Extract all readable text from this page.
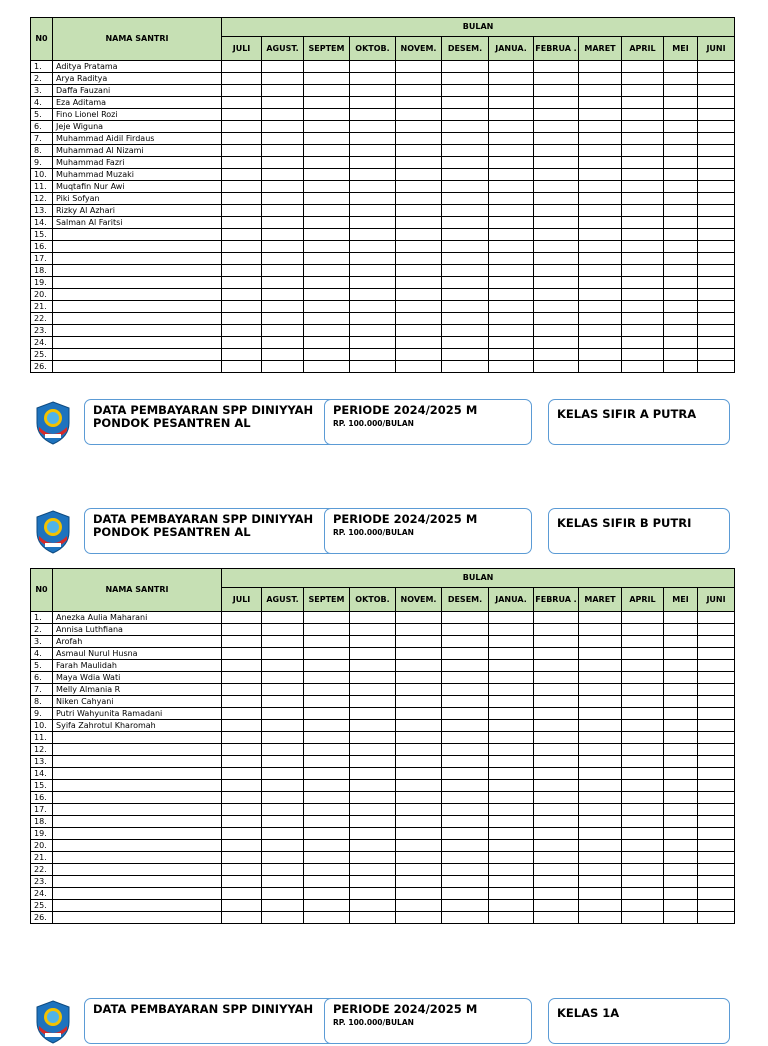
N0	NAMA SANTRI	BULAN											
		JULI	AGUST.	SEPTEM	OKTOB.	NOVEM.	DESEM.	JANUA.	FEBRUA .	MARET	APRIL	MEI	JUNI
1.	Aditya Pratama												
2.	Arya Raditya												
3.	Daffa Fauzani												
4.	Eza Aditama												
5.	Fino Lionel Rozi												
6.	Jeje Wiguna												
7.	Muhammad Aidil Firdaus												
8.	Muhammad Al Nizami												
9.	Muhammad Fazri												
10.	Muhammad Muzaki												
11.	Muqtafin Nur Awi												
12.	Piki Sofyan												
13.	Rizky Al Azhari												
14.	Salman Al Faritsi												
15.													
16.													
17.													
18.													
19.													
20.													
21.													
22.													
23.													
24.													
25.													
26.													
DATA PEMBAYARAN SPP DINIYYAH PONDOK PESANTREN AL
PERIODE 2024/2025 M
RP. 100.000/BULAN
KELAS SIFIR A PUTRA
DATA PEMBAYARAN SPP DINIYYAH PONDOK PESANTREN AL
PERIODE 2024/2025 M
RP. 100.000/BULAN
KELAS SIFIR B PUTRI
N0	NAMA SANTRI	BULAN											
		JULI	AGUST.	SEPTEM	OKTOB.	NOVEM.	DESEM.	JANUA.	FEBRUA .	MARET	APRIL	MEI	JUNI
1.	Anezka Aulia Maharani												
2.	Annisa Luthfiana												
3.	Arofah												
4.	Asmaul Nurul Husna												
5.	Farah Maulidah												
6.	Maya Wdia Wati												
7.	Melly Almania R												
8.	Niken Cahyani												
9.	Putri Wahyunita Ramadani												
10.	Syifa Zahrotul Kharomah												
11.													
12.													
13.													
14.													
15.													
16.													
17.													
18.													
19.													
20.													
21.													
22.													
23.													
24.													
25.													
26.													
DATA PEMBAYARAN SPP DINIYYAH	PERIODE 2024/2025 M
RP. 100.000/BULAN
KELAS 1A
